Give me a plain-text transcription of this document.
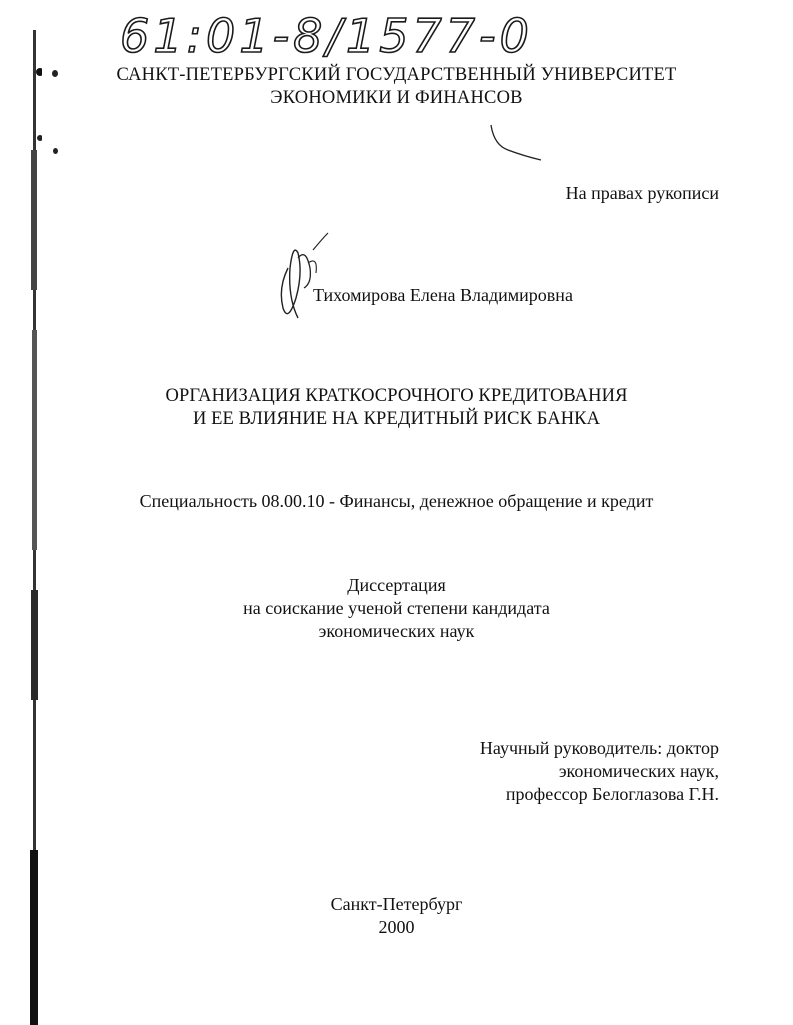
61:01-8/1577-0
САНКТ-ПЕТЕРБУРГСКИЙ ГОСУДАРСТВЕННЫЙ УНИВЕРСИТЕТ
ЭКОНОМИКИ И ФИНАНСОВ
На правах рукописи
Тихомирова Елена Владимировна
ОРГАНИЗАЦИЯ КРАТКОСРОЧНОГО КРЕДИТОВАНИЯ
И ЕЕ ВЛИЯНИЕ НА КРЕДИТНЫЙ РИСК БАНКА
Специальность 08.00.10 - Финансы, денежное обращение и кредит
Диссертация
на соискание ученой степени кандидата
экономических наук
Научный руководитель: доктор
экономических наук,
профессор Белоглазова Г.Н.
Санкт-Петербург
2000
